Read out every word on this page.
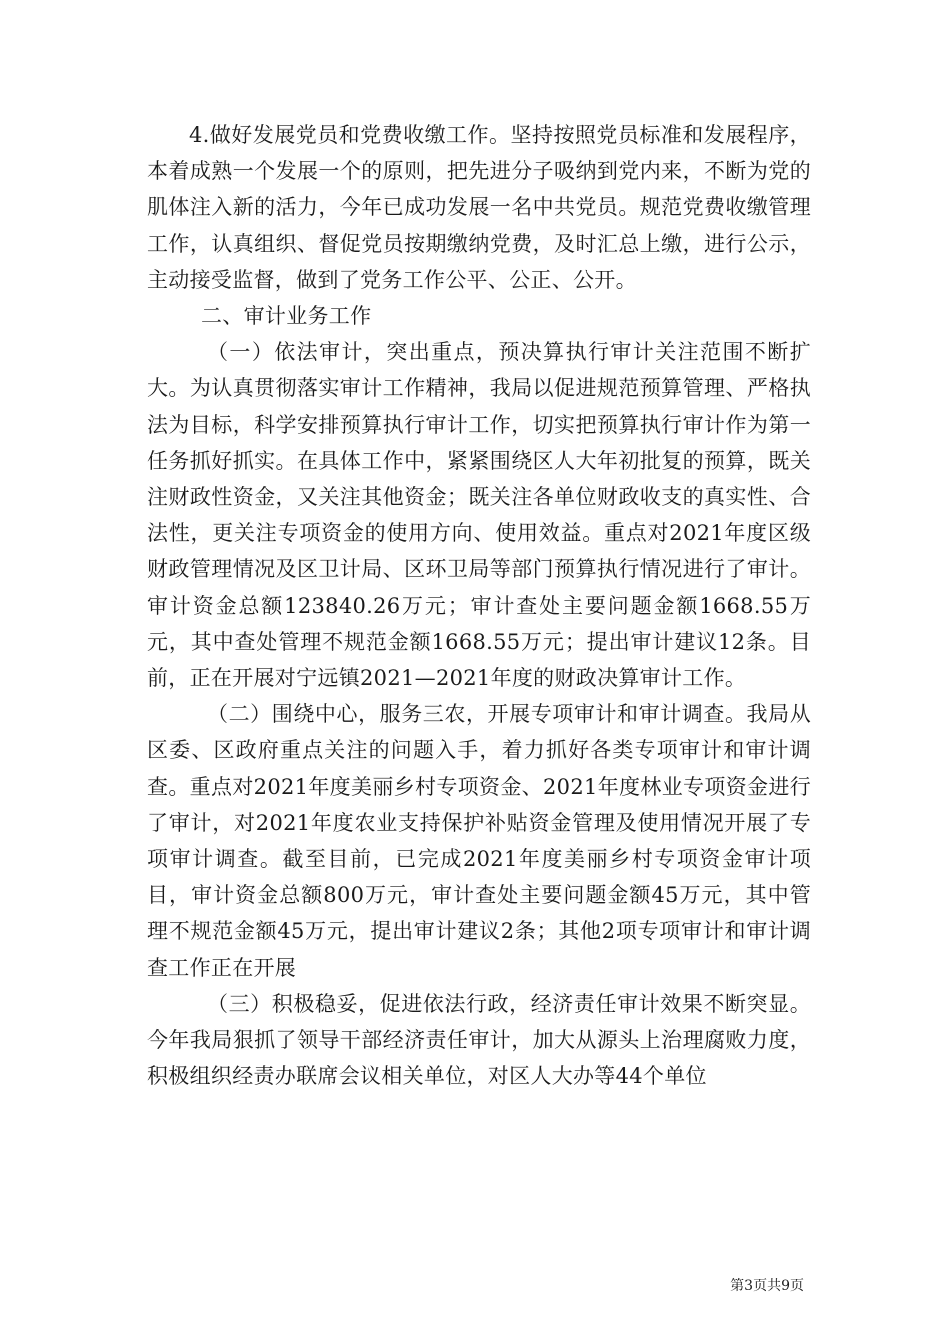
4.做好发展党员和党费收缴工作。坚持按照党员标准和发展程序，本着成熟一个发展一个的原则，把先进分子吸纳到党内来，不断为党的肌体注入新的活力，今年已成功发展一名中共党员。规范党费收缴管理工作，认真组织、督促党员按期缴纳党费，及时汇总上缴，进行公示，主动接受监督，做到了党务工作公平、公正、公开。

二、审计业务工作

（一）依法审计，突出重点，预决算执行审计关注范围不断扩大。为认真贯彻落实审计工作精神，我局以促进规范预算管理、严格执法为目标，科学安排预算执行审计工作，切实把预算执行审计作为第一任务抓好抓实。在具体工作中，紧紧围绕区人大年初批复的预算，既关注财政性资金，又关注其他资金；既关注各单位财政收支的真实性、合法性，更关注专项资金的使用方向、使用效益。重点对2021年度区级财政管理情况及区卫计局、区环卫局等部门预算执行情况进行了审计。审计资金总额123840.26万元；审计查处主要问题金额1668.55万元，其中查处管理不规范金额1668.55万元；提出审计建议12条。目前，正在开展对宁远镇2021—2021年度的财政决算审计工作。

（二）围绕中心，服务三农，开展专项审计和审计调查。我局从区委、区政府重点关注的问题入手，着力抓好各类专项审计和审计调查。重点对2021年度美丽乡村专项资金、2021年度林业专项资金进行了审计，对2021年度农业支持保护补贴资金管理及使用情况开展了专项审计调查。截至目前，已完成2021年度美丽乡村专项资金审计项目，审计资金总额800万元，审计查处主要问题金额45万元，其中管理不规范金额45万元，提出审计建议2条；其他2项专项审计和审计调查工作正在开展

（三）积极稳妥，促进依法行政，经济责任审计效果不断突显。今年我局狠抓了领导干部经济责任审计，加大从源头上治理腐败力度，积极组织经责办联席会议相关单位，对区人大办等44个单位

第3页共9页
